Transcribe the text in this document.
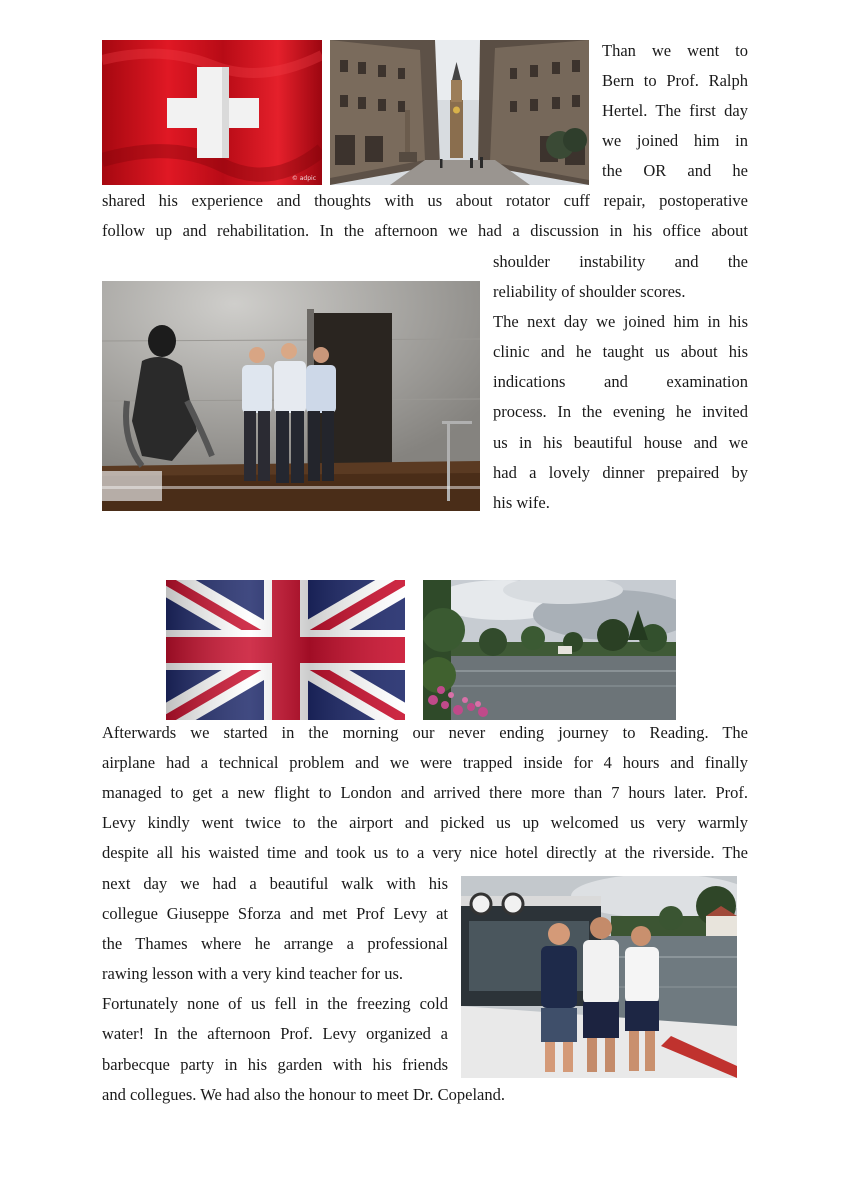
© adpic
Than we went to
Bern to Prof. Ralph
Hertel. The first day
we joined him in
the OR and he
shared his experience and thoughts with us about rotator cuff repair, postoperative
follow up and rehabilitation. In the afternoon we had a discussion in his office about
shoulder instability and the
reliability of shoulder scores.
The next day we joined him in his
clinic and he taught us about his
indications and examination
process. In the evening he invited
us in his beautiful house and we
had a lovely dinner prepaired by
his wife.
Afterwards we started in the morning our never ending journey to Reading. The
airplane had a technical problem and we were trapped inside for 4 hours and finally
managed to get a new flight to London and arrived there more than 7 hours later. Prof.
Levy kindly went twice to the airport and picked us up welcomed us very warmly
despite all his waisted time and took us to a very nice hotel directly at the riverside. The
next day we had a beautiful walk with his
collegue Giuseppe Sforza and met Prof Levy at
the Thames where he arrange a professional
rawing lesson with a very kind teacher for us.
Fortunately none of us fell in the freezing cold
water! In the afternoon Prof. Levy organized a
barbecque party in his garden with his friends
and collegues. We had also the honour to meet Dr. Copeland.
